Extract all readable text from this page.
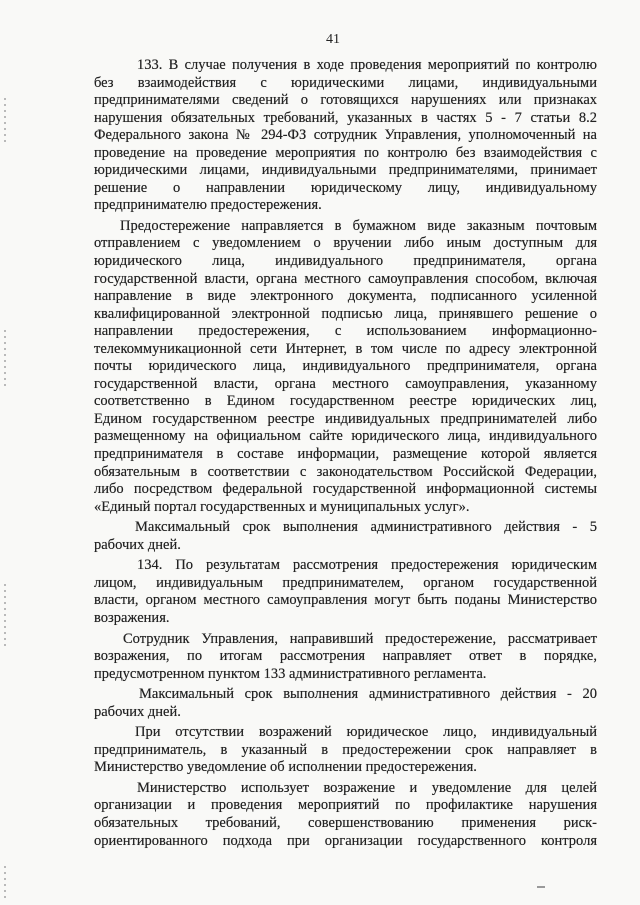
41
133. В случае получения в ходе проведения мероприятий по контролю
без взаимодействия с юридическими лицами, индивидуальными
предпринимателями сведений о готовящихся нарушениях или признаках
нарушения обязательных требований, указанных в частях 5 - 7 статьи 8.2
Федерального закона № 294-ФЗ сотрудник Управления, уполномоченный на
проведение на проведение мероприятия по контролю без взаимодействия с
юридическими лицами, индивидуальными предпринимателями, принимает
решение о направлении юридическому лицу, индивидуальному
предпринимателю предостережения.
Предостережение направляется в бумажном виде заказным почтовым
отправлением с уведомлением о вручении либо иным доступным для
юридического лица, индивидуального предпринимателя, органа
государственной власти, органа местного самоуправления способом, включая
направление в виде электронного документа, подписанного усиленной
квалифицированной электронной подписью лица, принявшего решение о
направлении предостережения, с использованием информационно-
телекоммуникационной сети Интернет, в том числе по адресу электронной
почты юридического лица, индивидуального предпринимателя, органа
государственной власти, органа местного самоуправления, указанному
соответственно в Едином государственном реестре юридических лиц,
Едином государственном реестре индивидуальных предпринимателей либо
размещенному на официальном сайте юридического лица, индивидуального
предпринимателя в составе информации, размещение которой является
обязательным в соответствии с законодательством Российской Федерации,
либо посредством федеральной государственной информационной системы
«Единый портал государственных и муниципальных услуг».
Максимальный срок выполнения административного действия - 5
рабочих дней.
134. По результатам рассмотрения предостережения юридическим
лицом, индивидуальным предпринимателем, органом государственной
власти, органом местного самоуправления могут быть поданы Министерство
возражения.
Сотрудник Управления, направивший предостережение, рассматривает
возражения, по итогам рассмотрения направляет ответ в порядке,
предусмотренном пунктом 133 административного регламента.
Максимальный срок выполнения административного действия - 20
рабочих дней.
При отсутствии возражений юридическое лицо, индивидуальный
предприниматель, в указанный в предостережении срок направляет в
Министерство уведомление об исполнении предостережения.
Министерство использует возражение и уведомление для целей
организации и проведения мероприятий по профилактике нарушения
обязательных требований, совершенствованию применения риск-
ориентированного подхода при организации государственного контроля
